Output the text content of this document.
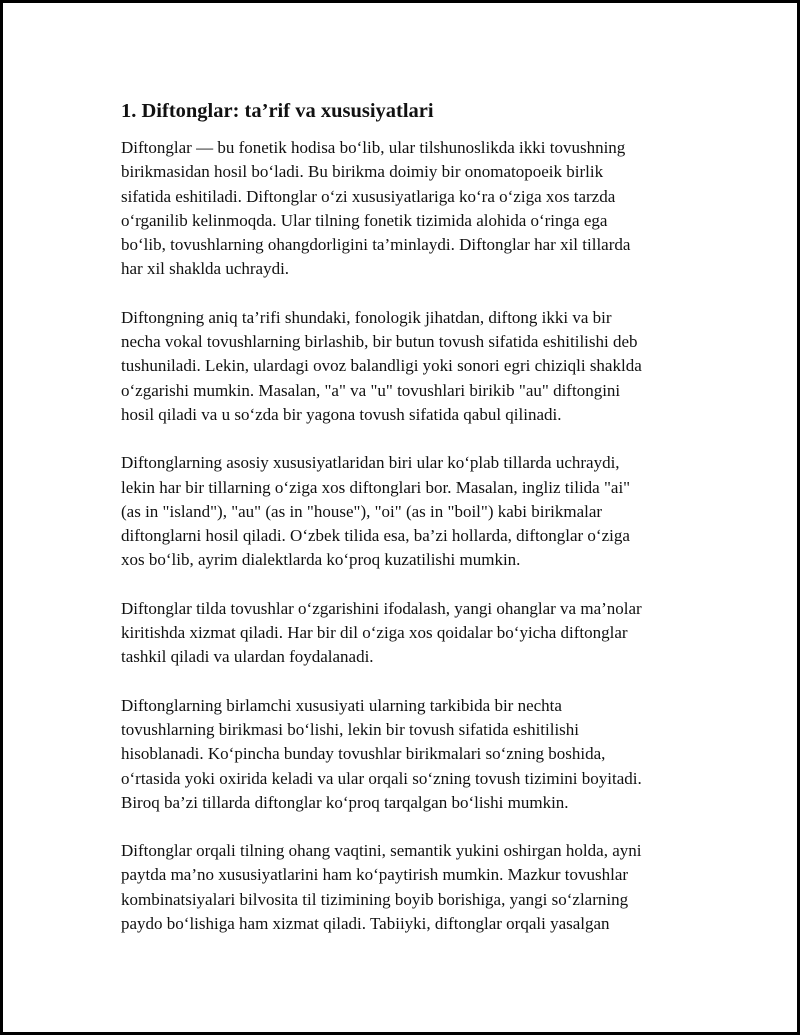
1. Diftonglar: ta’rif va xususiyatlari

Diftonglar — bu fonetik hodisa bo‘lib, ular tilshunoslikda ikki tovushning
birikmasidan hosil bo‘ladi. Bu birikma doimiy bir onomatopoeik birlik
sifatida eshitiladi. Diftonglar o‘zi xususiyatlariga ko‘ra o‘ziga xos tarzda
o‘rganilib kelinmoqda. Ular tilning fonetik tizimida alohida o‘ringa ega
bo‘lib, tovushlarning ohangdorligini ta’minlaydi. Diftonglar har xil tillarda
har xil shaklda uchraydi.

Diftongning aniq ta’rifi shundaki, fonologik jihatdan, diftong ikki va bir
necha vokal tovushlarning birlashib, bir butun tovush sifatida eshitilishi deb
tushuniladi. Lekin, ulardagi ovoz balandligi yoki sonori egri chiziqli shaklda
o‘zgarishi mumkin. Masalan, "a" va "u" tovushlari birikib "au" diftongini
hosil qiladi va u so‘zda bir yagona tovush sifatida qabul qilinadi.

Diftonglarning asosiy xususiyatlaridan biri ular ko‘plab tillarda uchraydi,
lekin har bir tillarning o‘ziga xos diftonglari bor. Masalan, ingliz tilida "ai"
(as in "island"), "au" (as in "house"), "oi" (as in "boil") kabi birikmalar
diftonglarni hosil qiladi. O‘zbek tilida esa, ba’zi hollarda, diftonglar o‘ziga
xos bo‘lib, ayrim dialektlarda ko‘proq kuzatilishi mumkin.

Diftonglar tilda tovushlar o‘zgarishini ifodalash, yangi ohanglar va ma’nolar
kiritishda xizmat qiladi. Har bir dil o‘ziga xos qoidalar bo‘yicha diftonglar
tashkil qiladi va ulardan foydalanadi.

Diftonglarning birlamchi xususiyati ularning tarkibida bir nechta
tovushlarning birikmasi bo‘lishi, lekin bir tovush sifatida eshitilishi
hisoblanadi. Ko‘pincha bunday tovushlar birikmalari so‘zning boshida,
o‘rtasida yoki oxirida keladi va ular orqali so‘zning tovush tizimini boyitadi.
Biroq ba’zi tillarda diftonglar ko‘proq tarqalgan bo‘lishi mumkin.

Diftonglar orqali tilning ohang vaqtini, semantik yukini oshirgan holda, ayni
paytda ma’no xususiyatlarini ham ko‘paytirish mumkin. Mazkur tovushlar
kombinatsiyalari bilvosita til tizimining boyib borishiga, yangi so‘zlarning
paydo bo‘lishiga ham xizmat qiladi. Tabiiyki, diftonglar orqali yasalgan
